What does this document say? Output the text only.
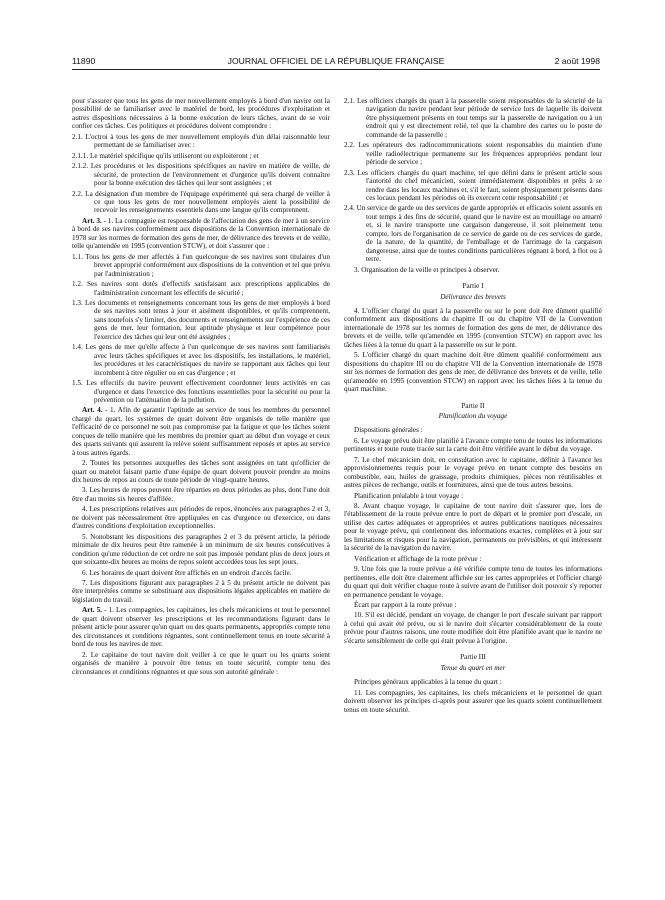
11890	JOURNAL OFFICIEL DE LA RÉPUBLIQUE FRANÇAISE	2 août 1998

pour s'assurer que tous les gens de mer nouvellement employés à bord d'un navire ont la possibilité de se familiariser avec le matériel de bord, les procédures d'exploitation et autres dispositions nécessaires à la bonne exécution de leurs tâches, avant de se voir confier ces tâches. Ces politiques et procédures doivent comprendre :

2.1. L'octroi à tous les gens de mer nouvellement employés d'un délai raisonnable leur permettant de se familiariser avec :

2.1.1. Le matériel spécifique qu'ils utiliseront ou exploiteront ; et

2.1.2. Les procédures et les dispositions spécifiques au navire en matière de veille, de sécurité, de protection de l'environnement et d'urgence qu'ils doivent connaître pour la bonne exécution des tâches qui leur sont assignées ; et

2.2. La désignation d'un membre de l'équipage expérimenté qui sera chargé de veiller à ce que tous les gens de mer nouvellement employés aient la possibilité de recevoir les renseignements essentiels dans une langue qu'ils comprennent.

Art. 3. - 1. La compagnie est responsable de l'affectation des gens de mer à un service à bord de ses navires conformément aux dispositions de la Convention internationale de 1978 sur les normes de formation des gens de mer, de délivrance des brevets et de veille, telle qu'amendée en 1995 (convention STCW), et doit s'assurer que :

1.1. Tous les gens de mer affectés à l'un quelconque de ses navires sont titulaires d'un brevet approprié conformément aux dispositions de la convention et tel que prévu par l'administration ;

1.2. Ses navires sont dotés d'effectifs satisfaisant aux prescriptions applicables de l'administration concernant les effectifs de sécurité ;

1.3. Les documents et renseignements concernant tous les gens de mer employés à bord de ses navires sont tenus à jour et aisément disponibles, et qu'ils comprennent, sans toutefois s'y limiter, des documents et renseignements sur l'expérience de ces gens de mer, leur formation, leur aptitude physique et leur compétence pour l'exercice des tâches qui leur ont été assignées ;

1.4. Les gens de mer qu'elle affecte à l'un quelconque de ses navires sont familiarisés avec leurs tâches spécifiques et avec les dispositifs, les installations, le matériel, les procédures et les caractéristiques du navire se rapportant aux tâches qui leur incombent à titre régulier ou en cas d'urgence ; et

1.5. Les effectifs du navire peuvent effectivement coordonner leurs activités en cas d'urgence et dans l'exercice des fonctions essentielles pour la sécurité ou pour la prévention ou l'atténuation de la pollution.

Art. 4. - 1. Afin de garantir l'aptitude au service de tous les membres du personnel chargé du quart, les systèmes de quart doivent être organisés de telle manière que l'efficacité de ce personnel ne soit pas compromise par la fatigue et que les tâches soient conçues de telle manière que les membres du premier quart au début d'un voyage et ceux des quarts suivants qui assurent la relève soient suffisamment reposés et aptes au service à tous autres égards.

2. Toutes les personnes auxquelles des tâches sont assignées en tant qu'officier de quart ou matelot faisant partie d'une équipe de quart doivent pouvoir prendre au moins dix heures de repos au cours de toute période de vingt-quatre heures.

3. Les heures de repos peuvent être réparties en deux périodes au plus, dont l'une doit être d'au moins six heures d'affilée.

4. Les prescriptions relatives aux périodes de repos, énoncées aux paragraphes 2 et 3, ne doivent pas nécessairement être appliquées en cas d'urgence ou d'exercice, ou dans d'autres conditions d'exploitation exceptionnelles.

5. Nonobstant les dispositions des paragraphes 2 et 3 du présent article, la période minimale de dix heures peut être ramenée à un minimum de six heures consécutives à condition qu'une réduction de cet ordre ne soit pas imposée pendant plus de deux jours et que soixante-dix heures au moins de repos soient accordées tous les sept jours.

6. Les horaires de quart doivent être affichés en un endroit d'accès facile.

7. Les dispositions figurant aux paragraphes 2 à 5 du présent article ne doivent pas être interprétées comme se substituant aux dispositions légales applicables en matière de législation du travail.

Art. 5. - 1. Les compagnies, les capitaines, les chefs mécaniciens et tout le personnel de quart doivent observer les prescriptions et les recommandations figurant dans le présent article pour assurer qu'un quart ou des quarts permanents, appropriés compte tenu des circonstances et conditions régnantes, sont continuellement tenus en toute sécurité à bord de tous les navires de mer.

2. Le capitaine de tout navire doit veiller à ce que le quart ou les quarts soient organisés de manière à pouvoir être tenus en toute sécurité, compte tenu des circonstances et conditions régnantes et que sous son autorité générale :

2.1. Les officiers chargés du quart à la passerelle soient responsables de la sécurité de la navigation du navire pendant leur période de service lors de laquelle ils doivent être physiquement présents en tout temps sur la passerelle de navigation ou à un endroit qui y est directement relié, tel que la chambre des cartes ou le poste de commande de la passerelle ;

2.2. Les opérateurs des radiocommunications soient responsables du maintien d'une veille radioélectrique permanente sur les fréquences appropriées pendant leur période de service ;

2.3. Les officiers chargés du quart machine, tel que défini dans le présent article sous l'autorité du chef mécanicien, soient immédiatement disponibles et prêts à se rendre dans les locaux machines et, s'il le faut, soient physiquement présents dans ces locaux pendant les périodes où ils exercent cette responsabilité ; et

2.4. Un service de garde ou des services de garde appropriés et efficaces soient assurés en tout temps à des fins de sécurité, quand que le navire est au mouillage ou amarré et, si le navire transporte une cargaison dangereuse, il soit pleinement tenu compte, lors de l'organisation de ce service de garde ou de ces services de garde, de la nature, de la quantité, de l'emballage et de l'arrimage de la cargaison dangereuse, ainsi que de toutes conditions particulières régnant à bord, à flot ou à terre.

3. Organisation de la veille et principes à observer.

Partie I

Délivrance des brevets

4. L'officier chargé du quart à la passerelle ou sur le pont doit être dûment qualifié conformément aux dispositions du chapitre II ou du chapitre VII de la Convention internationale de 1978 sur les normes de formation des gens de mer, de délivrance des brevets et de veille, telle qu'amendée en 1995 (convention STCW) en rapport avec les tâches liées à la tenue du quart à la passerelle ou sur le pont.

5. L'officier chargé du quart machine doit être dûment qualifié conformément aux dispositions du chapitre III ou du chapitre VII de la Convention internationale de 1978 sur les normes de formation des gens de mer, de délivrance des brevets et de veille, telle qu'amendée en 1995 (convention STCW) en rapport avec les tâches liées à la tenue du quart machine.

Partie II

Planification du voyage

Dispositions générales :

6. Le voyage prévu doit être planifié à l'avance compte tenu de toutes les informations pertinentes et toute route tracée sur la carte doit être vérifiée avant le début du voyage.

7. Le chef mécanicien doit, en consultation avec le capitaine, définir à l'avance les approvisionnements requis pour le voyage prévu en tenant compte des besoins en combustible, eau, huiles de graissage, produits chimiques, pièces non réutilisables et autres pièces de rechange, outils et fournitures, ainsi que de tous autres besoins.

Planification préalable à tout voyage :

8. Avant chaque voyage, le capitaine de tout navire doit s'assurer que, lors de l'établissement de la route prévue entre le port de départ et le premier port d'escale, on utilise des cartes adéquates et appropriées et autres publications nautiques nécessaires pour le voyage prévu, qui contiennent des informations exactes, complètes et à jour sur les limitations et risques pour la navigation, permanents ou prévisibles, et qui intéressent la sécurité de la navigation du navire.

Vérification et affichage de la route prévue :

9. Une fois que la route prévue a été vérifiée compte tenu de toutes les informations pertinentes, elle doit être clairement affichée sur les cartes appropriées et l'officier chargé du quart qui doit vérifier chaque route à suivre avant de l'utiliser doit pouvoir s'y reporter en permanence pendant le voyage.

Écart par rapport à la route prévue :

10. S'il est décidé, pendant un voyage, de changer le port d'escale suivant par rapport à celui qui avait été prévu, ou si le navire doit s'écarter considérablement de la route prévue pour d'autres raisons, une route modifiée doit être planifiée avant que le navire ne s'écarte sensiblement de celle qui était prévue à l'origine.

Partie III

Tenue du quart en mer

Principes généraux applicables à la tenue du quart :

11. Les compagnies, les capitaines, les chefs mécaniciens et le personnel de quart doivent observer les principes ci-après pour assurer que les quarts soient continuellement tenus en toute sécurité.
